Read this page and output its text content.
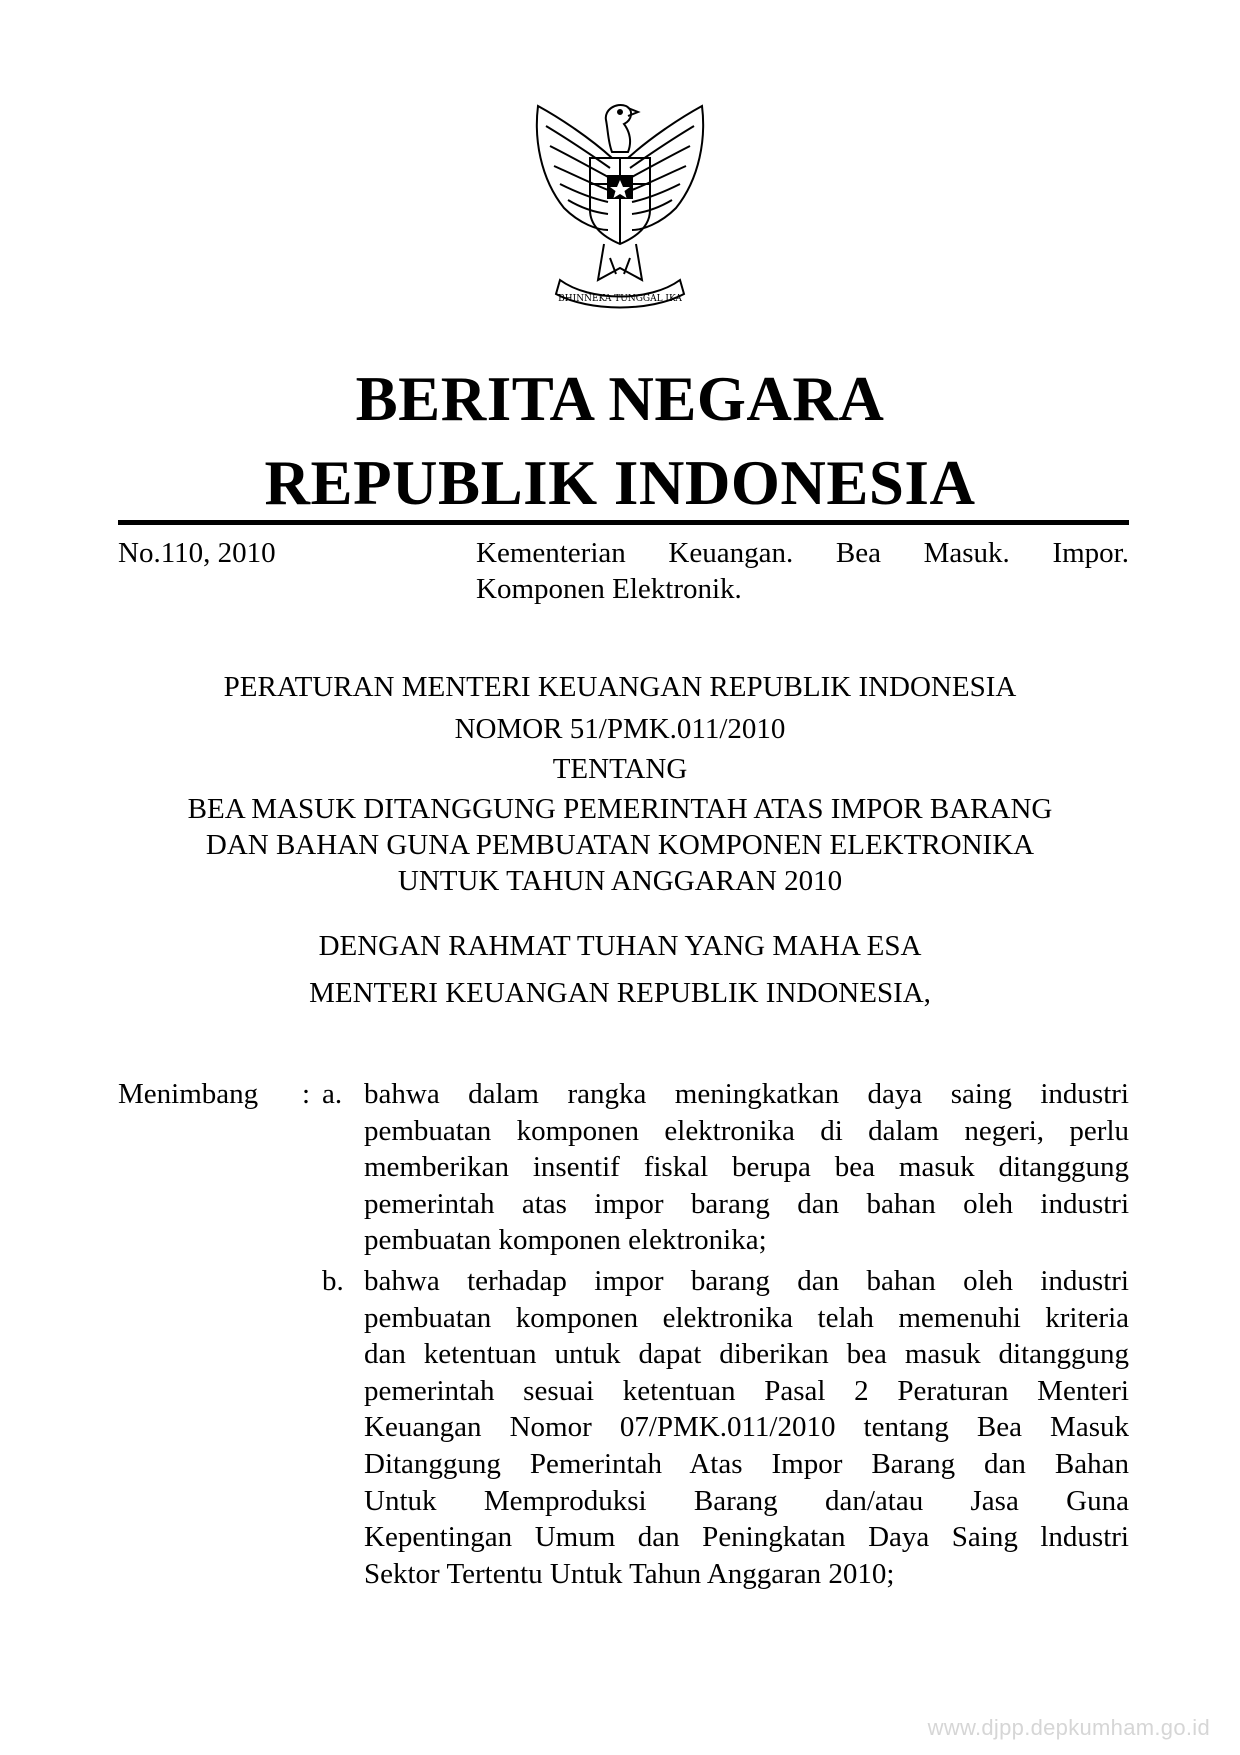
BHINNEKA TUNGGAL IKA
BERITA NEGARA
REPUBLIK INDONESIA
No.110, 2010	Kementerian Keuangan. Bea Masuk. Impor.
Komponen Elektronik.
PERATURAN MENTERI KEUANGAN REPUBLIK INDONESIA
NOMOR 51/PMK.011/2010
TENTANG
BEA MASUK DITANGGUNG PEMERINTAH ATAS IMPOR BARANG
DAN BAHAN GUNA PEMBUATAN KOMPONEN ELEKTRONIKA
UNTUK TAHUN ANGGARAN 2010
DENGAN RAHMAT TUHAN YANG MAHA ESA
MENTERI KEUANGAN REPUBLIK INDONESIA,
Menimbang : a. bahwa dalam rangka meningkatkan daya saing industri
pembuatan komponen elektronika di dalam negeri, perlu
memberikan insentif fiskal berupa bea masuk ditanggung
pemerintah atas impor barang dan bahan oleh industri
pembuatan komponen elektronika;
b. bahwa terhadap impor barang dan bahan oleh industri
pembuatan komponen elektronika telah memenuhi kriteria
dan ketentuan untuk dapat diberikan bea masuk ditanggung
pemerintah sesuai ketentuan Pasal 2 Peraturan Menteri
Keuangan Nomor 07/PMK.011/2010 tentang Bea Masuk
Ditanggung Pemerintah Atas Impor Barang dan Bahan
Untuk Memproduksi Barang dan/atau Jasa Guna
Kepentingan Umum dan Peningkatan Daya Saing lndustri
Sektor Tertentu Untuk Tahun Anggaran 2010;
www.djpp.depkumham.go.id
